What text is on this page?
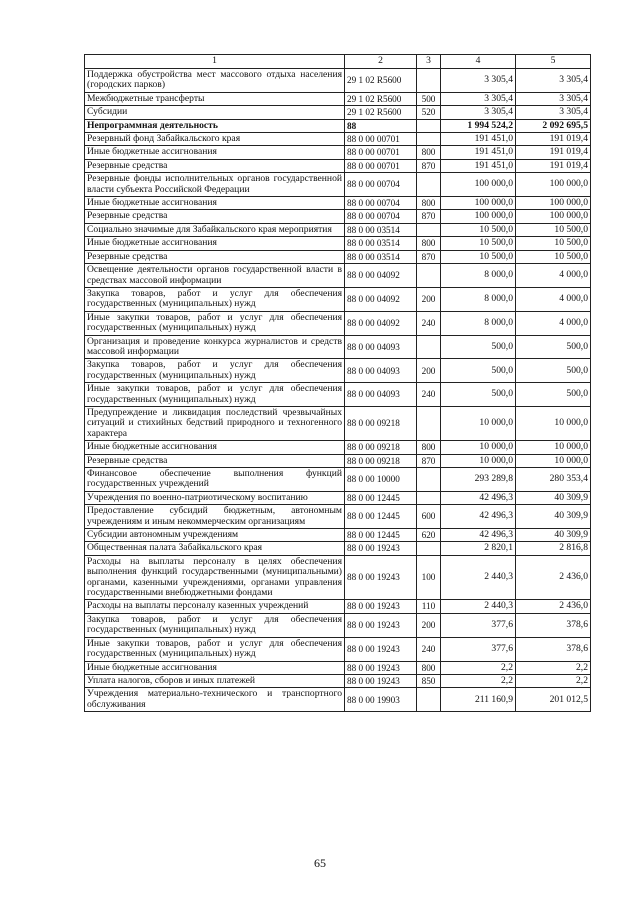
1	2	3	4	5
Поддержка обустройства мест массового отдыха населения (городских парков)	29 1 02 R5600		3 305,4	3 305,4
Межбюджетные трансферты	29 1 02 R5600	500	3 305,4	3 305,4
Субсидии	29 1 02 R5600	520	3 305,4	3 305,4
Непрограммная деятельность	88		1 994 524,2	2 092 695,5
Резервный фонд Забайкальского края	88 0 00 00701		191 451,0	191 019,4
Иные бюджетные ассигнования	88 0 00 00701	800	191 451,0	191 019,4
Резервные средства	88 0 00 00701	870	191 451,0	191 019,4
Резервные фонды исполнительных органов государственной власти субъекта Российской Федерации	88 0 00 00704		100 000,0	100 000,0
Иные бюджетные ассигнования	88 0 00 00704	800	100 000,0	100 000,0
Резервные средства	88 0 00 00704	870	100 000,0	100 000,0
Социально значимые для Забайкальского края мероприятия	88 0 00 03514		10 500,0	10 500,0
Иные бюджетные ассигнования	88 0 00 03514	800	10 500,0	10 500,0
Резервные средства	88 0 00 03514	870	10 500,0	10 500,0
Освещение деятельности органов государственной власти в средствах массовой информации	88 0 00 04092		8 000,0	4 000,0
Закупка товаров, работ и услуг для обеспечения государственных (муниципальных) нужд	88 0 00 04092	200	8 000,0	4 000,0
Иные закупки товаров, работ и услуг для обеспечения государственных (муниципальных) нужд	88 0 00 04092	240	8 000,0	4 000,0
Организация и проведение конкурса журналистов и средств массовой информации	88 0 00 04093		500,0	500,0
Закупка товаров, работ и услуг для обеспечения государственных (муниципальных) нужд	88 0 00 04093	200	500,0	500,0
Иные закупки товаров, работ и услуг для обеспечения государственных (муниципальных) нужд	88 0 00 04093	240	500,0	500,0
Предупреждение и ликвидация последствий чрезвычайных ситуаций и стихийных бедствий природного и техногенного характера	88 0 00 09218		10 000,0	10 000,0
Иные бюджетные ассигнования	88 0 00 09218	800	10 000,0	10 000,0
Резервные средства	88 0 00 09218	870	10 000,0	10 000,0
Финансовое обеспечение выполнения функций государственных учреждений	88 0 00 10000		293 289,8	280 353,4
Учреждения по военно-патриотическому воспитанию	88 0 00 12445		42 496,3	40 309,9
Предоставление субсидий бюджетным, автономным учреждениям и иным некоммерческим организациям	88 0 00 12445	600	42 496,3	40 309,9
Субсидии автономным учреждениям	88 0 00 12445	620	42 496,3	40 309,9
Общественная палата Забайкальского края	88 0 00 19243		2 820,1	2 816,8
Расходы на выплаты персоналу в целях обеспечения выполнения функций государственными (муниципальными) органами, казенными учреждениями, органами управления государственными внебюджетными фондами	88 0 00 19243	100	2 440,3	2 436,0
Расходы на выплаты персоналу казенных учреждений	88 0 00 19243	110	2 440,3	2 436,0
Закупка товаров, работ и услуг для обеспечения государственных (муниципальных) нужд	88 0 00 19243	200	377,6	378,6
Иные закупки товаров, работ и услуг для обеспечения государственных (муниципальных) нужд	88 0 00 19243	240	377,6	378,6
Иные бюджетные ассигнования	88 0 00 19243	800	2,2	2,2
Уплата налогов, сборов и иных платежей	88 0 00 19243	850	2,2	2,2
Учреждения материально-технического и транспортного обслуживания	88 0 00 19903		211 160,9	201 012,5
65
